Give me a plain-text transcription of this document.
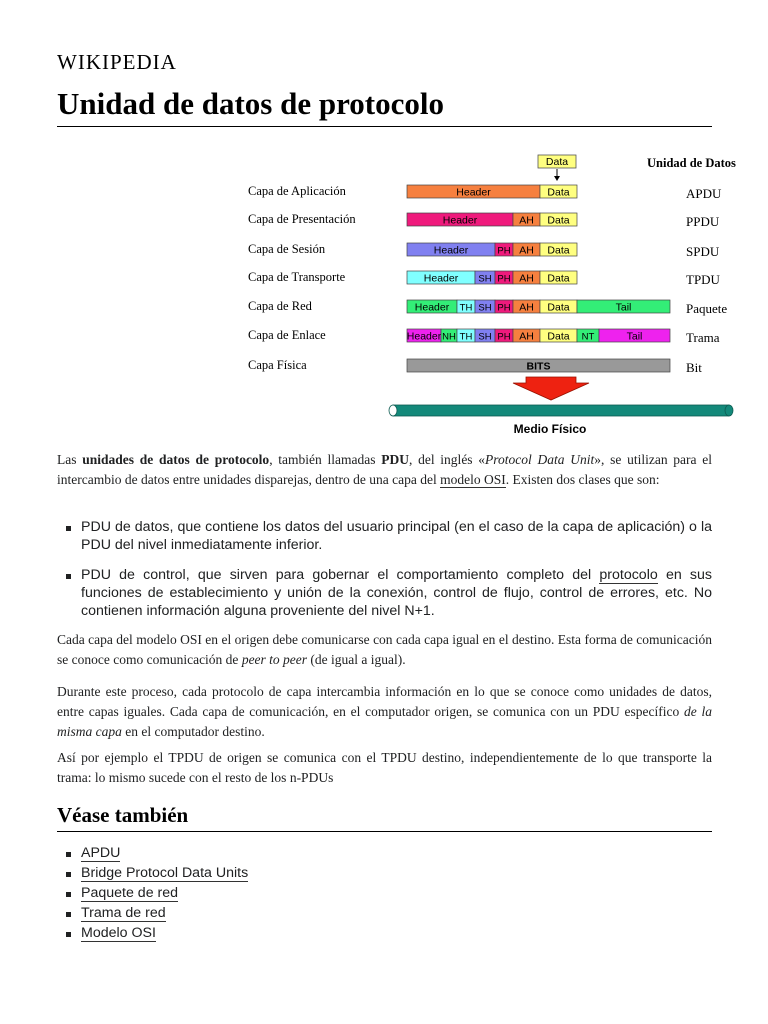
WIKIPEDIA
Unidad de datos de protocolo
Data	Unidad de Datos
Capa de Aplicación	Header	Data	APDU
Capa de Presentación	Header	AH Data	PPDU
Capa de Sesión	Header	PH AH Data	SPDU
Capa de Transporte	Header SH PH AH Data	TPDU
Capa de Red	Header TH SH PH AH Data	Tail	Paquete
Capa de Enlace	Header NH TH SH PH AH Data NT	Tail	Trama
Capa Física	BITS	Bit
Medio Físico

Las unidades de datos de protocolo, también llamadas PDU, del inglés «Protocol Data Unit», se utilizan para el intercambio de datos entre unidades disparejas, dentro de una capa del modelo OSI. Existen dos clases que son:

PDU de datos, que contiene los datos del usuario principal (en el caso de la capa de aplicación) o la PDU del nivel inmediatamente inferior.
PDU de control, que sirven para gobernar el comportamiento completo del protocolo en sus funciones de establecimiento y unión de la conexión, control de flujo, control de errores, etc. No contienen información alguna proveniente del nivel N+1.

Cada capa del modelo OSI en el origen debe comunicarse con cada capa igual en el destino. Esta forma de comunicación se conoce como comunicación de peer to peer (de igual a igual).

Durante este proceso, cada protocolo de capa intercambia información en lo que se conoce como unidades de datos, entre capas iguales. Cada capa de comunicación, en el computador origen, se comunica con un PDU específico de la misma capa en el computador destino.

Así por ejemplo el TPDU de origen se comunica con el TPDU destino, independientemente de lo que transporte la trama: lo mismo sucede con el resto de los n-PDUs

Véase también
APDU
Bridge Protocol Data Units
Paquete de red
Trama de red
Modelo OSI
